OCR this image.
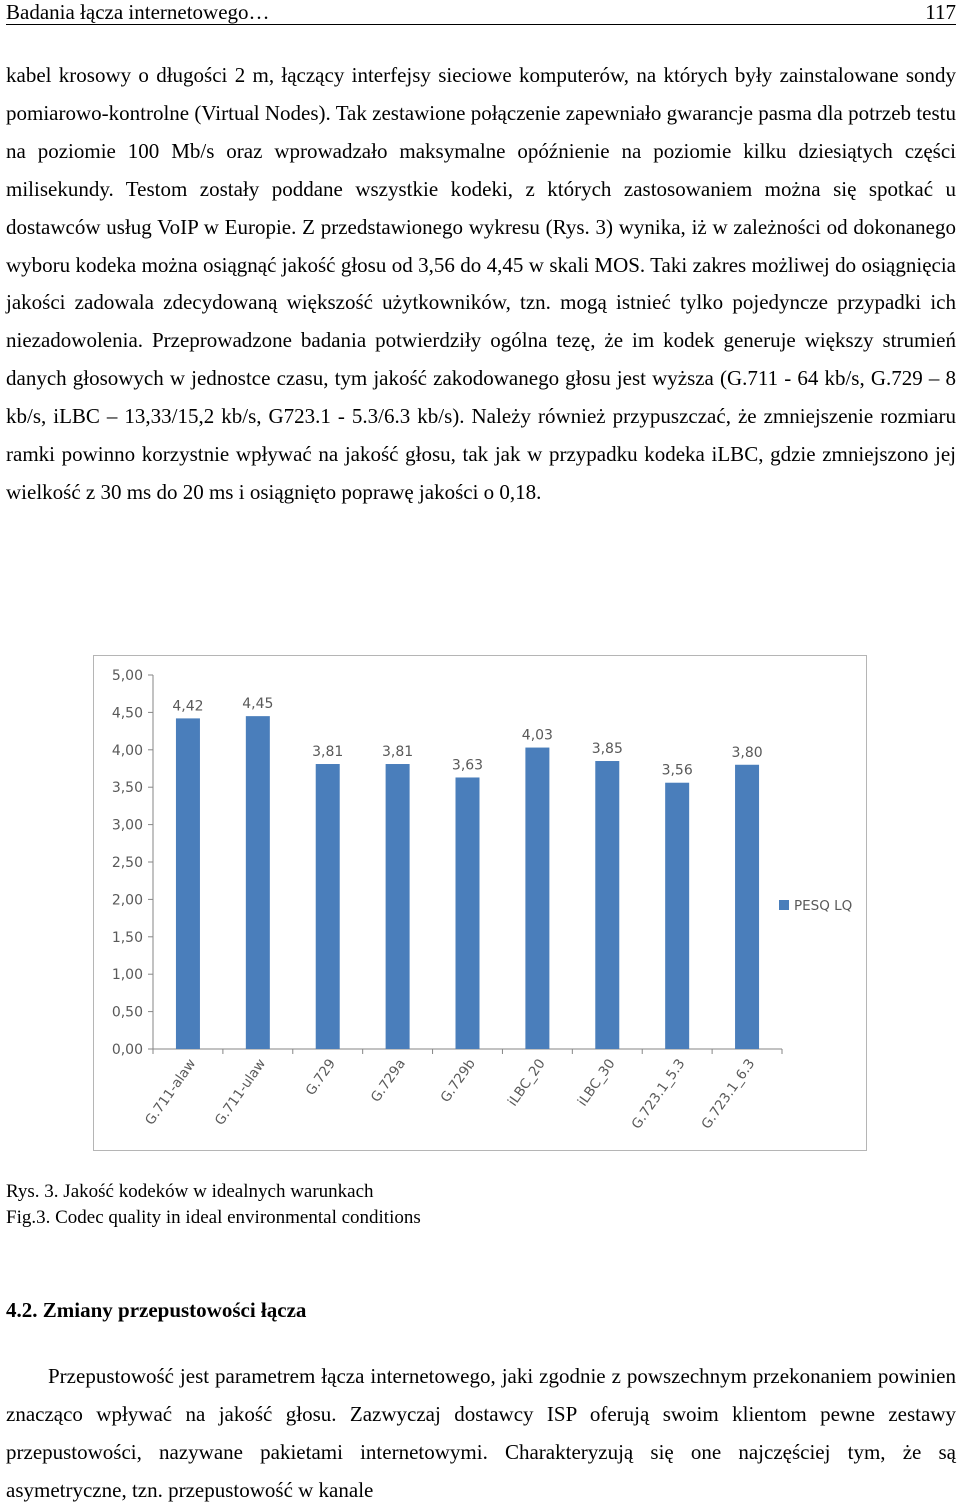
Badania łącza internetowego…	117

kabel krosowy o długości 2 m, łączący interfejsy sieciowe komputerów, na których były zainstalowane sondy pomiarowo-kontrolne (Virtual Nodes). Tak zestawione połączenie zapewniało gwarancje pasma dla potrzeb testu na poziomie 100 Mb/s oraz wprowadzało maksymalne opóźnienie na poziomie kilku dziesiątych części milisekundy. Testom zostały poddane wszystkie kodeki, z których zastosowaniem można się spotkać u dostawców usług VoIP w Europie. Z przedstawionego wykresu (Rys. 3) wynika, iż w zależności od dokonanego wyboru kodeka można osiągnąć jakość głosu od 3,56 do 4,45 w skali MOS. Taki zakres możliwej do osiągnięcia jakości zadowala zdecydowaną większość użytkowników, tzn. mogą istnieć tylko pojedyncze przypadki ich niezadowolenia. Przeprowadzone badania potwierdziły ogólna tezę, że im kodek generuje większy strumień danych głosowych w jednostce czasu, tym jakość zakodowanego głosu jest wyższa (G.711 - 64 kb/s, G.729 – 8 kb/s, iLBC – 13,33/15,2 kb/s, G723.1 - 5.3/6.3 kb/s). Należy również przypuszczać, że zmniejszenie rozmiaru ramki powinno korzystnie wpływać na jakość głosu, tak jak w przypadku kodeka iLBC, gdzie zmniejszono jej wielkość z 30 ms do 20 ms i osiągnięto poprawę jakości o 0,18.

0,00
0,50
1,00
1,50
2,00
2,50
3,00
3,50
4,00
4,50
5,00
4,42
G.711-alaw
4,45
G.711-ulaw
3,81
G.729
3,81
G.729a
3,63
G.729b
4,03
iLBC_20
3,85
iLBC_30
3,56
G.723.1_5.3
3,80
G.723.1_6.3
PESQ LQ

Rys. 3. Jakość kodeków w idealnych warunkach

Fig.3. Codec quality in ideal environmental conditions

4.2. Zmiany przepustowości łącza

Przepustowość jest parametrem łącza internetowego, jaki zgodnie z powszechnym przekonaniem powinien znacząco wpływać na jakość głosu. Zazwyczaj dostawcy ISP oferują swoim klientom pewne zestawy przepustowości, nazywane pakietami internetowymi. Charakteryzują się one najczęściej tym, że są asymetryczne, tzn. przepustowość w kanale
